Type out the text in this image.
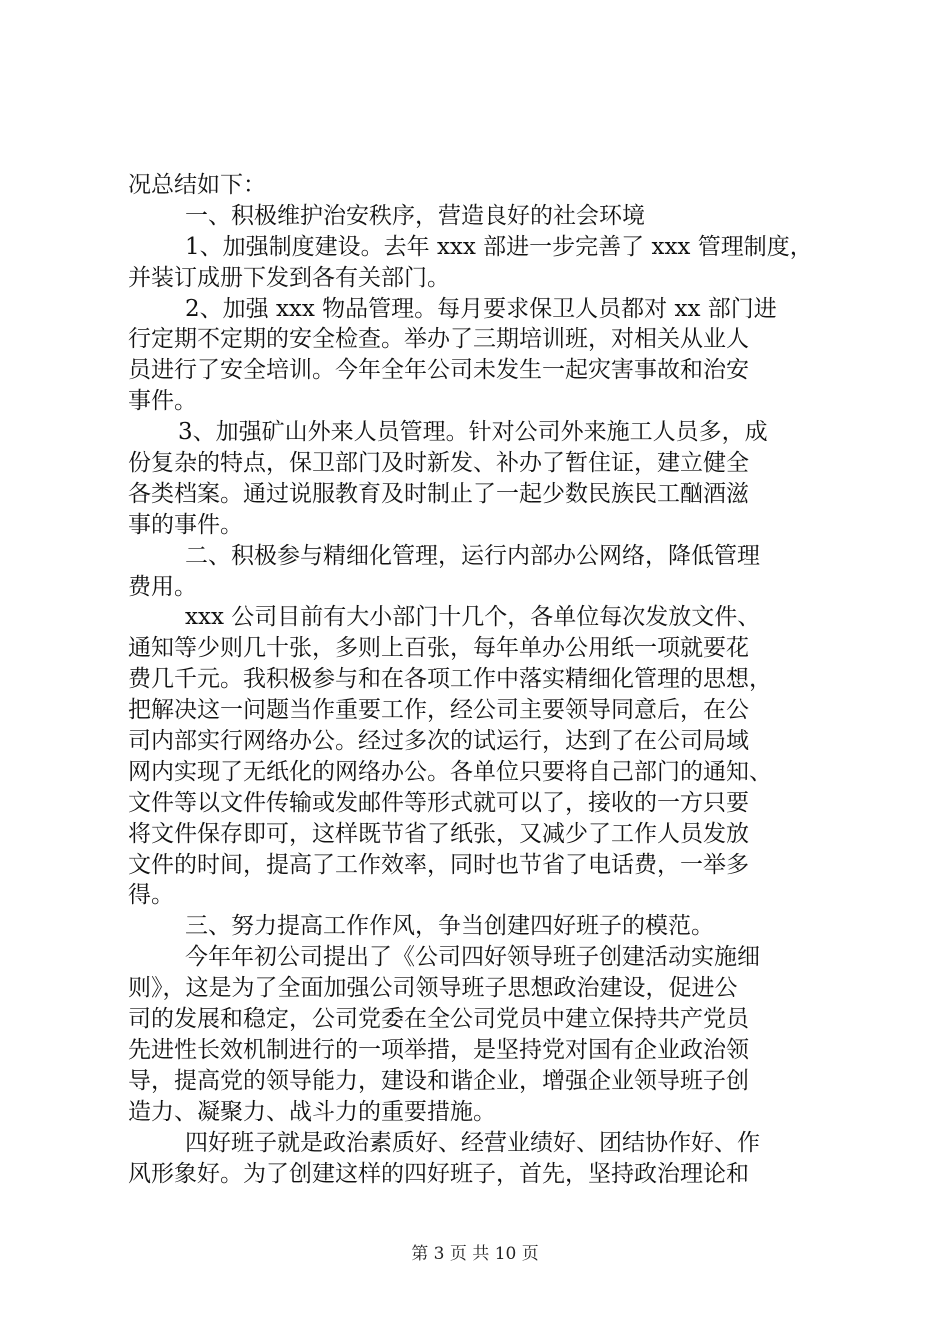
况总结如下：
一、积极维护治安秩序，营造良好的社会环境
1、加强制度建设。去年 xxx 部进一步完善了 xxx 管理制度，
并装订成册下发到各有关部门。
2、加强 xxx 物品管理。每月要求保卫人员都对 xx 部门进
行定期不定期的安全检查。举办了三期培训班，对相关从业人
员进行了安全培训。今年全年公司未发生一起灾害事故和治安
事件。
3、加强矿山外来人员管理。针对公司外来施工人员多，成
份复杂的特点，保卫部门及时新发、补办了暂住证，建立健全
各类档案。通过说服教育及时制止了一起少数民族民工酗酒滋
事的事件。
二、积极参与精细化管理，运行内部办公网络，降低管理
费用。
xxx 公司目前有大小部门十几个，各单位每次发放文件、
通知等少则几十张，多则上百张，每年单办公用纸一项就要花
费几千元。我积极参与和在各项工作中落实精细化管理的思想，
把解决这一问题当作重要工作，经公司主要领导同意后，在公
司内部实行网络办公。经过多次的试运行，达到了在公司局域
网内实现了无纸化的网络办公。各单位只要将自己部门的通知、
文件等以文件传输或发邮件等形式就可以了，接收的一方只要
将文件保存即可，这样既节省了纸张，又减少了工作人员发放
文件的时间，提高了工作效率，同时也节省了电话费，一举多
得。
三、努力提高工作作风，争当创建四好班子的模范。
今年年初公司提出了《公司四好领导班子创建活动实施细
则》，这是为了全面加强公司领导班子思想政治建设，促进公
司的发展和稳定，公司党委在全公司党员中建立保持共产党员
先进性长效机制进行的一项举措，是坚持党对国有企业政治领
导，提高党的领导能力，建设和谐企业，增强企业领导班子创
造力、凝聚力、战斗力的重要措施。
四好班子就是政治素质好、经营业绩好、团结协作好、作
风形象好。为了创建这样的四好班子，首先，坚持政治理论和
第 3 页 共 10 页
